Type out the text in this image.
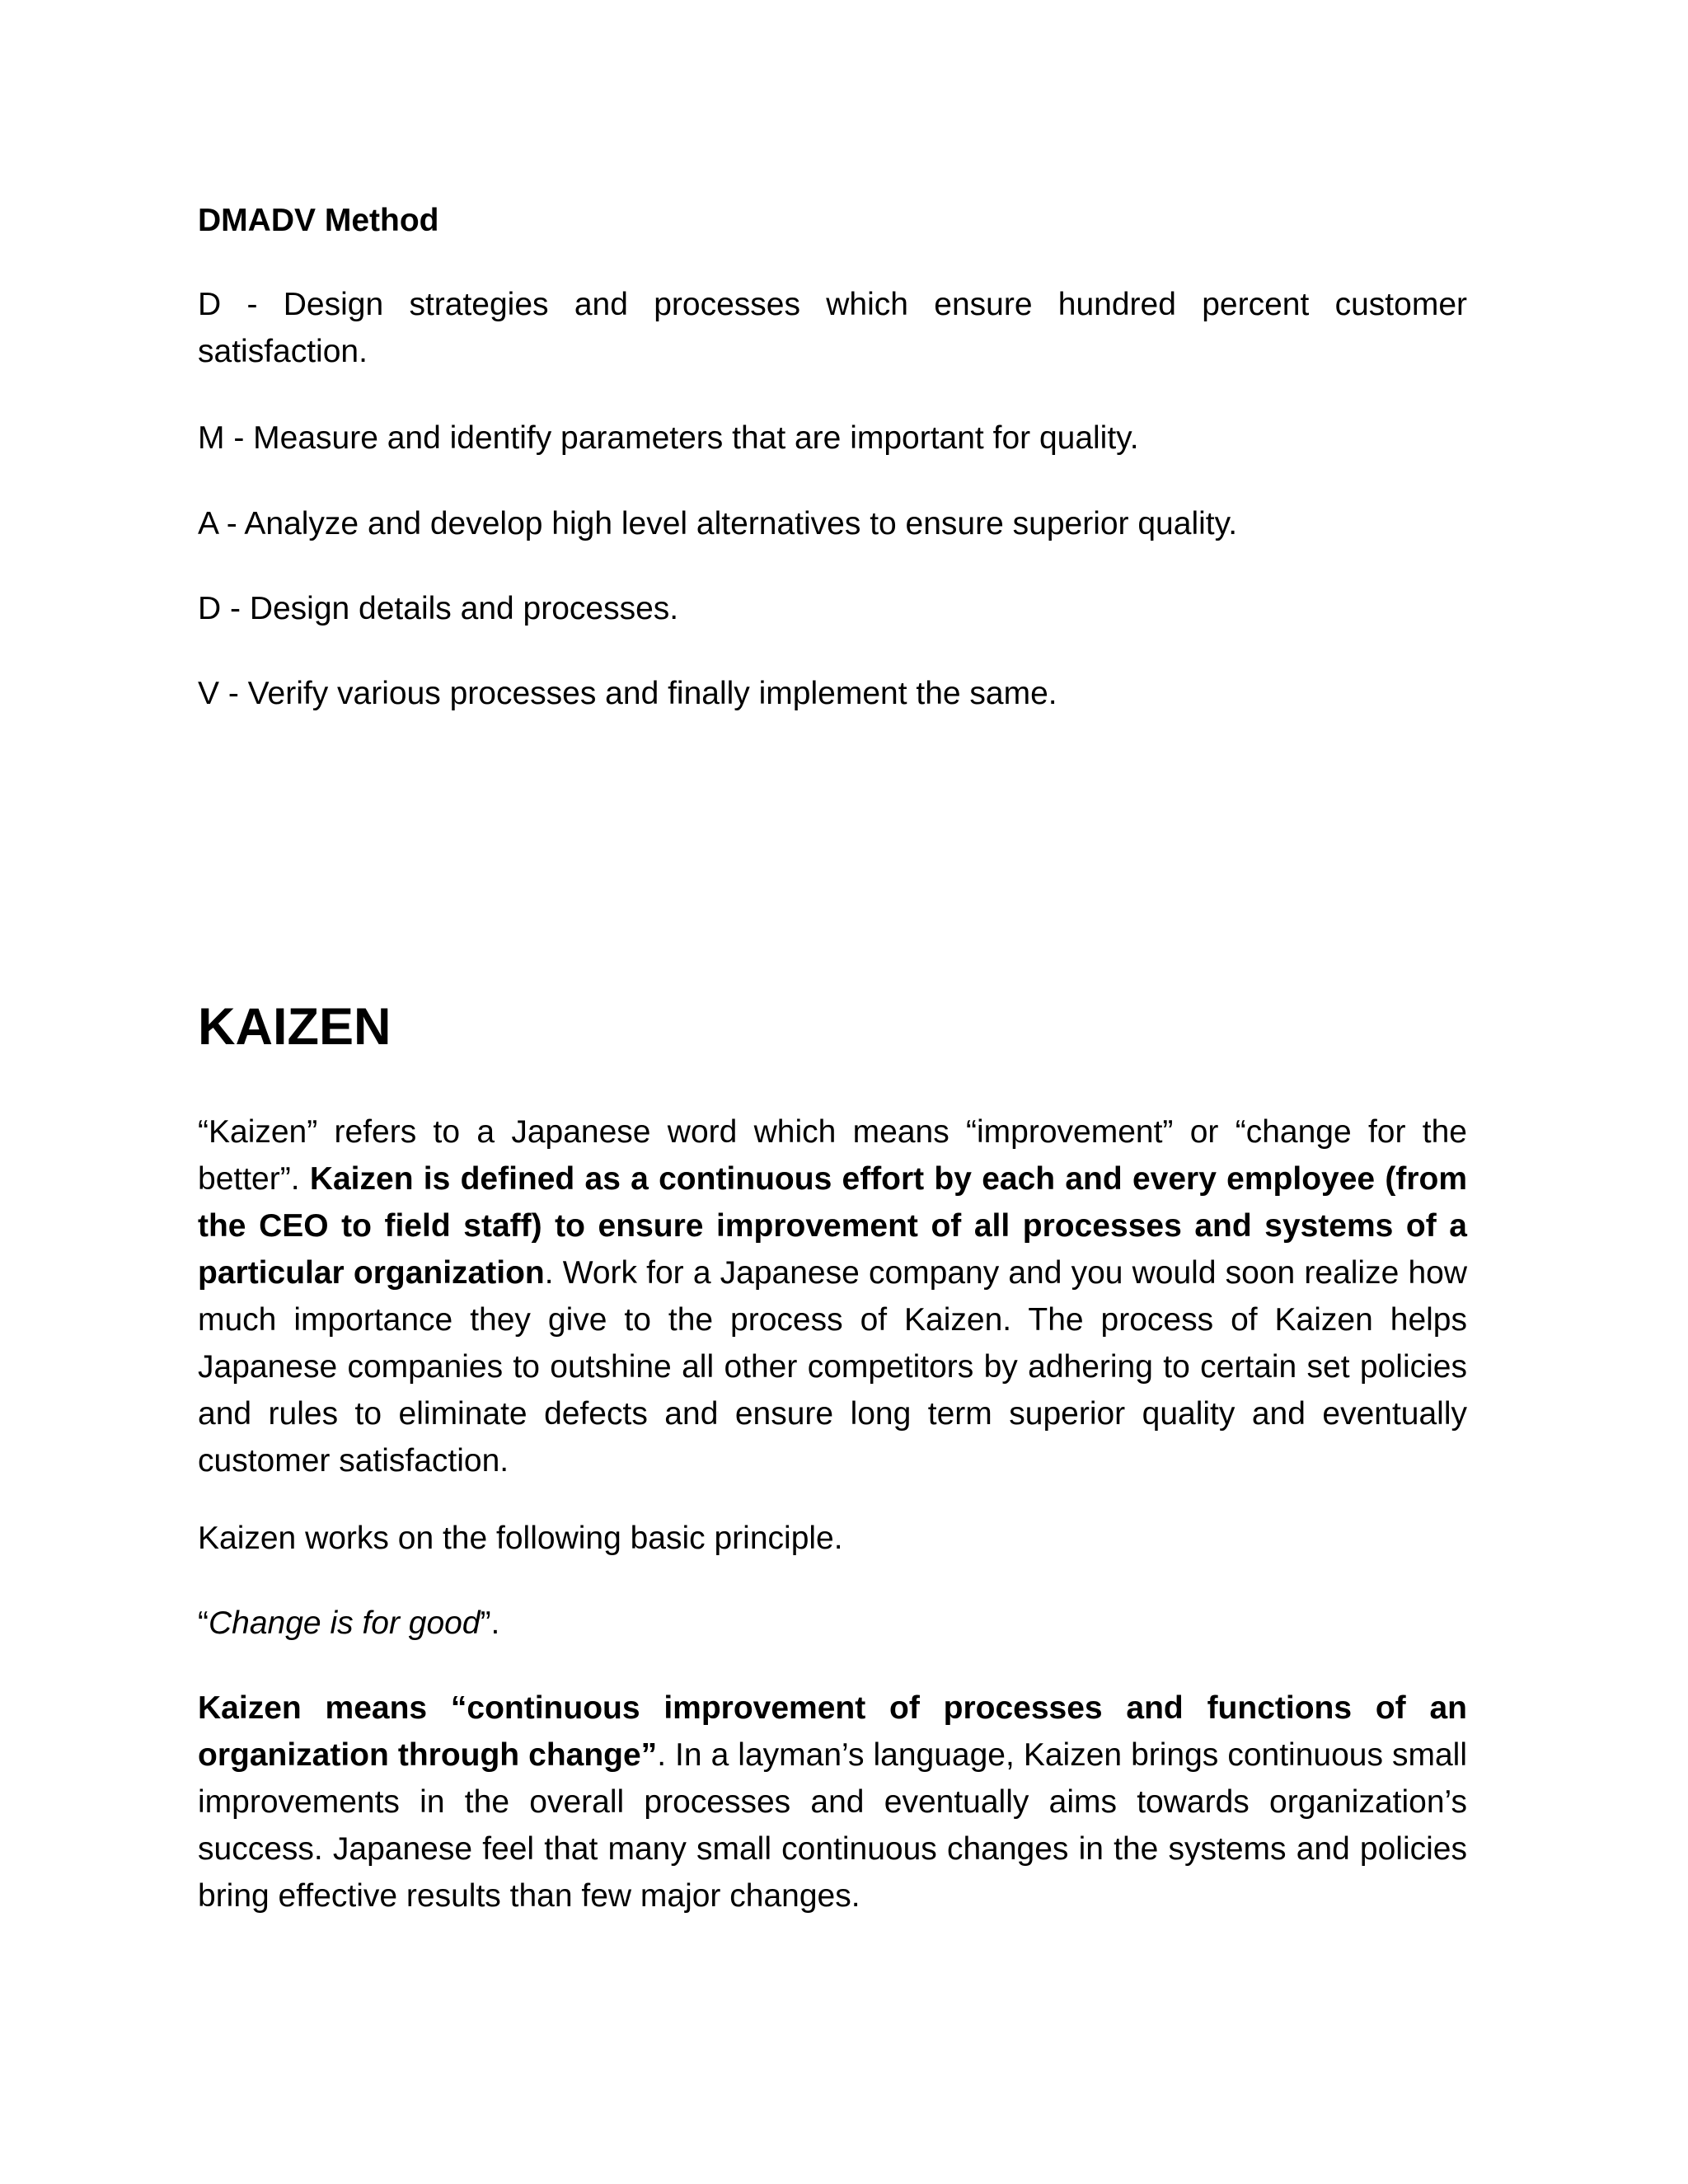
DMADV Method

D - Design strategies and processes which ensure hundred percent customer satisfaction.

M - Measure and identify parameters that are important for quality.

A - Analyze and develop high level alternatives to ensure superior quality.

D - Design details and processes.

V - Verify various processes and finally implement the same.

KAIZEN

“Kaizen” refers to a Japanese word which means “improvement” or “change for the better”. Kaizen is defined as a continuous effort by each and every employee (from the CEO to field staff) to ensure improvement of all processes and systems of a particular organization. Work for a Japanese company and you would soon realize how much importance they give to the process of Kaizen. The process of Kaizen helps Japanese companies to outshine all other competitors by adhering to certain set policies and rules to eliminate defects and ensure long term superior quality and eventually customer satisfaction.

Kaizen works on the following basic principle.

“Change is for good”.

Kaizen means “continuous improvement of processes and functions of an organization through change”. In a layman’s language, Kaizen brings continuous small improvements in the overall processes and eventually aims towards organization’s success. Japanese feel that many small continuous changes in the systems and policies bring effective results than few major changes.
